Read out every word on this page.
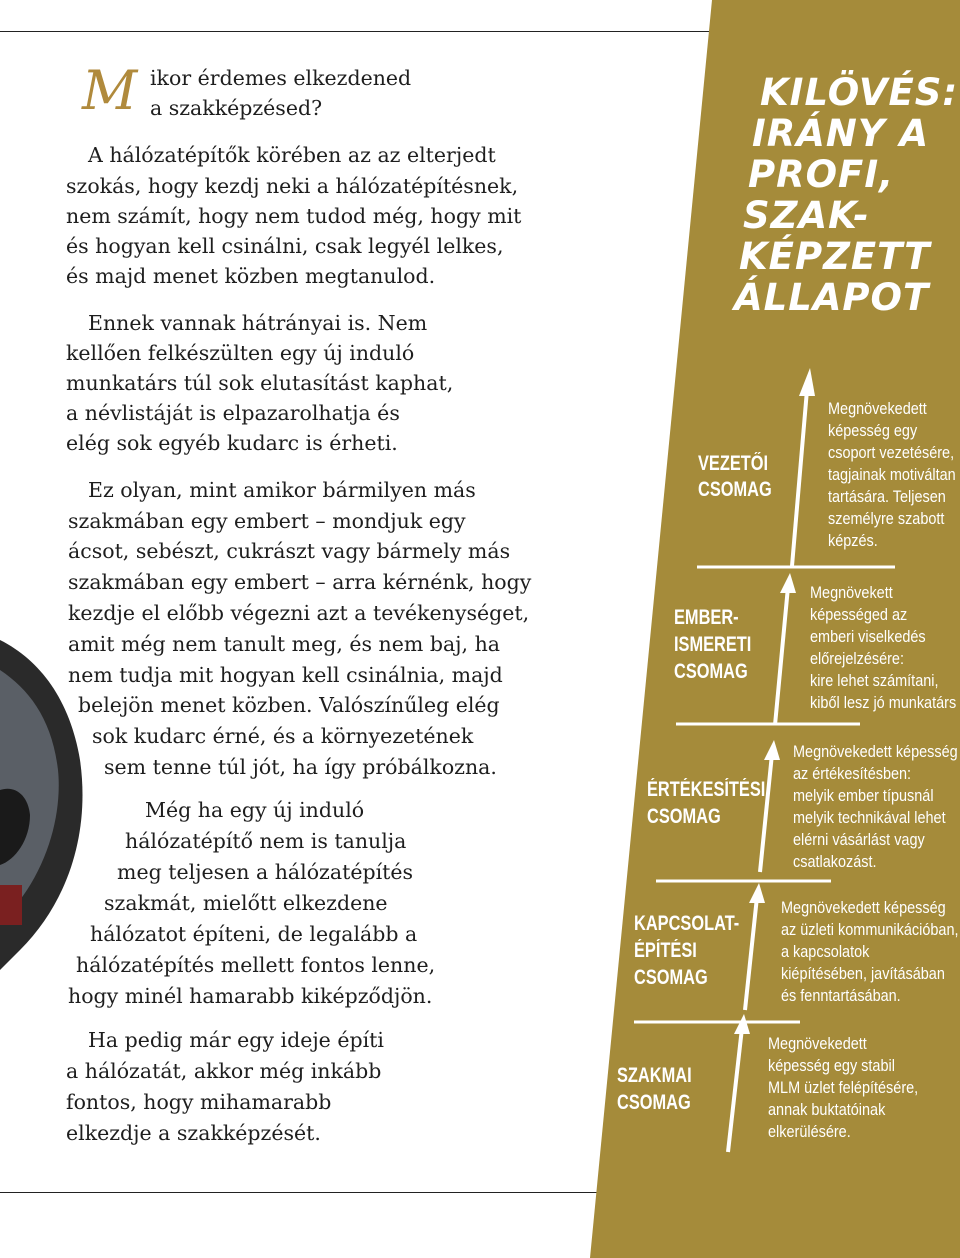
M ikor érdemes elkezdened
a szakképzésed?
A hálózatépítők körében az az elterjedt
szokás, hogy kezdj neki a hálózatépítésnek,
nem számít, hogy nem tudod még, hogy mit
és hogyan kell csinálni, csak legyél lelkes,
és majd menet közben megtanulod.
Ennek vannak hátrányai is. Nem
kellően felkészülten egy új induló
munkatárs túl sok elutasítást kaphat,
a névlistáját is elpazarolhatja és
elég sok egyéb kudarc is érheti.
Ez olyan, mint amikor bármilyen más
szakmában egy embert – mondjuk egy
ácsot, sebészt, cukrászt vagy bármely más
szakmában egy embert – arra kérnénk, hogy
kezdje el előbb végezni azt a tevékenységet,
amit még nem tanult meg, és nem baj, ha
nem tudja mit hogyan kell csinálnia, majd
belejön menet közben. Valószínűleg elég
sok kudarc érné, és a környezetének
sem tenne túl jót, ha így próbálkozna.
Még ha egy új induló
hálózatépítő nem is tanulja
meg teljesen a hálózatépítés
szakmát, mielőtt elkezdene
hálózatot építeni, de legalább a
hálózatépítés mellett fontos lenne,
hogy minél hamarabb kiképződjön.
Ha pedig már egy ideje építi
a hálózatát, akkor még inkább
fontos, hogy mihamarabb
elkezdje a szakképzését.
KILÖVÉS:
IRÁNY A
PROFI,
SZAK-
KÉPZETT
ÁLLAPOT
VEZETŐI
CSOMAG
Megnövekedett
képesség egy
csoport vezetésére,
tagjainak motiváltan
tartására. Teljesen
személyre szabott
képzés.
EMBER-
ISMERETI
CSOMAG
Megnövekett
képességed az
emberi viselkedés
előrejelzésére:
kire lehet számítani,
kiből lesz jó munkatárs
ÉRTÉKESÍTÉSI
CSOMAG
Megnövekedett képesség
az értékesítésben:
melyik ember típusnál
melyik technikával lehet
elérni vásárlást vagy
csatlakozást.
KAPCSOLAT-
ÉPÍTÉSI
CSOMAG
Megnövekedett képesség
az üzleti kommunikációban,
a kapcsolatok
kiépítésében, javításában
és fenntartásában.
SZAKMAI
CSOMAG
Megnövekedett
képesség egy stabil
MLM üzlet felépítésére,
annak buktatóinak
elkerülésére.
